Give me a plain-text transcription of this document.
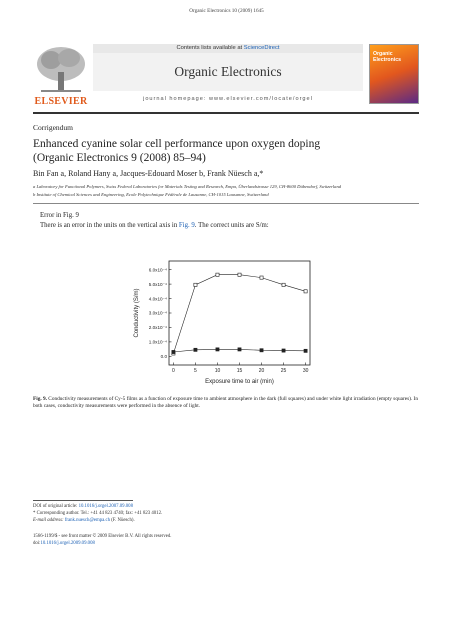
Organic Electronics 10 (2009) 1645
ELSEVIER
Contents lists available at ScienceDirect
Organic Electronics
journal homepage: www.elsevier.com/locate/orgel
Organic
Electronics
Corrigendum
Enhanced cyanine solar cell performance upon oxygen doping
(Organic Electronics 9 (2008) 85–94)
Bin Fan a, Roland Hany a, Jacques-Edouard Moser b, Frank Nüesch a,*
a Laboratory for Functional Polymers, Swiss Federal Laboratories for Materials Testing and Research, Empa, Überlandstrasse 129, CH-8600 Dübendorf, Switzerland
b Institute of Chemical Sciences and Engineering, Ecole Polytechnique Fédérale de Lausanne, CH-1015 Lausanne, Switzerland
Error in Fig. 9
There is an error in the units on the vertical axis in Fig. 9. The correct units are S/m:
0	5	10	15	20	25	30
0.0
1.0x10⁻⁴
2.0x10⁻⁴
3.0x10⁻⁴
4.0x10⁻⁴
5.0x10⁻⁴
6.0x10⁻⁴
Exposure time to air (min)
Conductivity (S/m)
Fig. 9. Conductivity measurements of Cy-5 films as a function of exposure time to ambient atmosphere in the dark (full squares) and under white light irradiation (empty squares). In both cases, conductivity measurements were performed in the absence of light.
DOI of original article: 10.1016/j.orgel.2007.09.008
* Corresponding author. Tel.: +41 44 823 4740; fax: +41 823 4012.
E-mail address: frank.nuesch@empa.ch (F. Nüesch).
1566-1199/$ - see front matter © 2009 Elsevier B.V. All rights reserved.
doi:10.1016/j.orgel.2009.09.008
